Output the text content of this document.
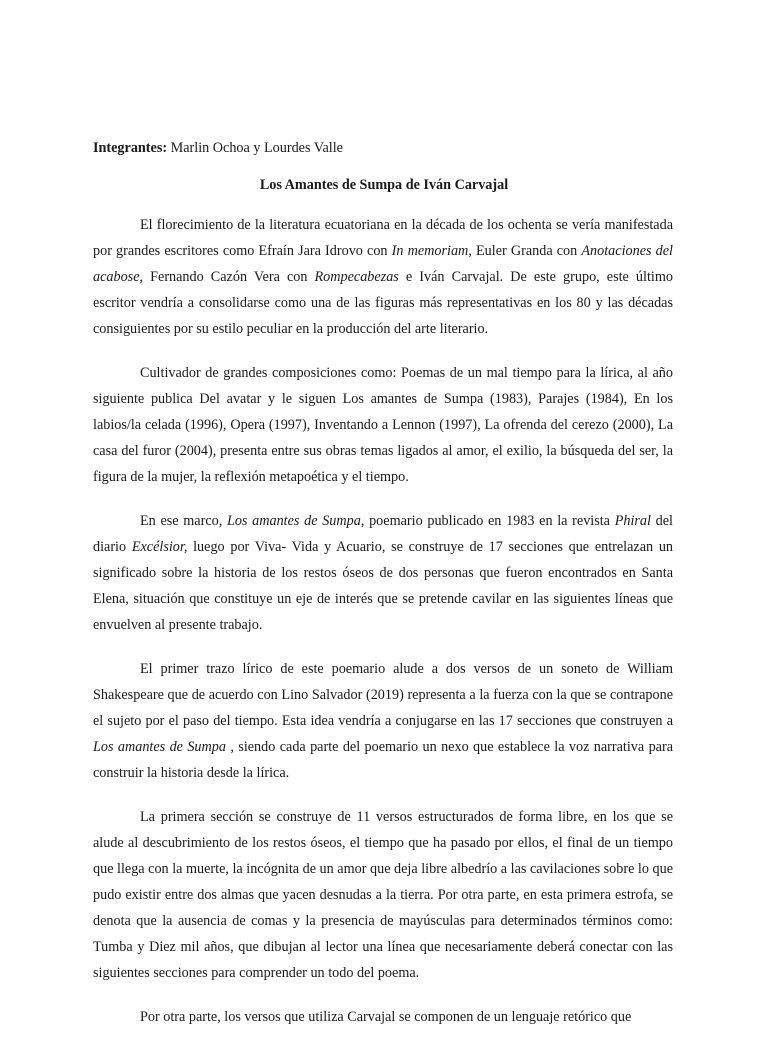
Integrantes: Marlin Ochoa y Lourdes Valle
Los Amantes de Sumpa de Iván Carvajal

El florecimiento de la literatura ecuatoriana en la década de los ochenta se vería manifestada por grandes escritores como Efraín Jara Idrovo con In memoriam, Euler Granda con Anotaciones del acabose, Fernando Cazón Vera con Rompecabezas e Iván Carvajal. De este grupo, este último escritor vendría a consolidarse como una de las figuras más representativas en los 80 y las décadas consiguientes por su estilo peculiar en la producción del arte literario.

Cultivador de grandes composiciones como: Poemas de un mal tiempo para la lírica, al año siguiente publica Del avatar y le siguen Los amantes de Sumpa (1983), Parajes (1984), En los labios/la celada (1996), Opera (1997), Inventando a Lennon (1997), La ofrenda del cerezo (2000), La casa del furor (2004), presenta entre sus obras temas ligados al amor, el exilio, la búsqueda del ser, la figura de la mujer, la reflexión metapoética y el tiempo.

En ese marco, Los amantes de Sumpa, poemario publicado en 1983 en la revista Phiral del diario Excélsior, luego por Viva- Vida y Acuario, se construye de 17 secciones que entrelazan un significado sobre la historia de los restos óseos de dos personas que fueron encontrados en Santa Elena, situación que constituye un eje de interés que se pretende cavilar en las siguientes líneas que envuelven al presente trabajo.

El primer trazo lírico de este poemario alude a dos versos de un soneto de William Shakespeare que de acuerdo con Lino Salvador (2019) representa a la fuerza con la que se contrapone el sujeto por el paso del tiempo. Esta idea vendría a conjugarse en las 17 secciones que construyen a Los amantes de Sumpa , siendo cada parte del poemario un nexo que establece la voz narrativa para construir la historia desde la lírica.

La primera sección se construye de 11 versos estructurados de forma libre, en los que se alude al descubrimiento de los restos óseos, el tiempo que ha pasado por ellos, el final de un tiempo que llega con la muerte, la incógnita de un amor que deja libre albedrío a las cavilaciones sobre lo que pudo existir entre dos almas que yacen desnudas a la tierra. Por otra parte, en esta primera estrofa, se denota que la ausencia de comas y la presencia de mayúsculas para determinados términos como: Tumba y Diez mil años, que dibujan al lector una línea que necesariamente deberá conectar con las siguientes secciones para comprender un todo del poema.

Por otra parte, los versos que utiliza Carvajal se componen de un lenguaje retórico que
